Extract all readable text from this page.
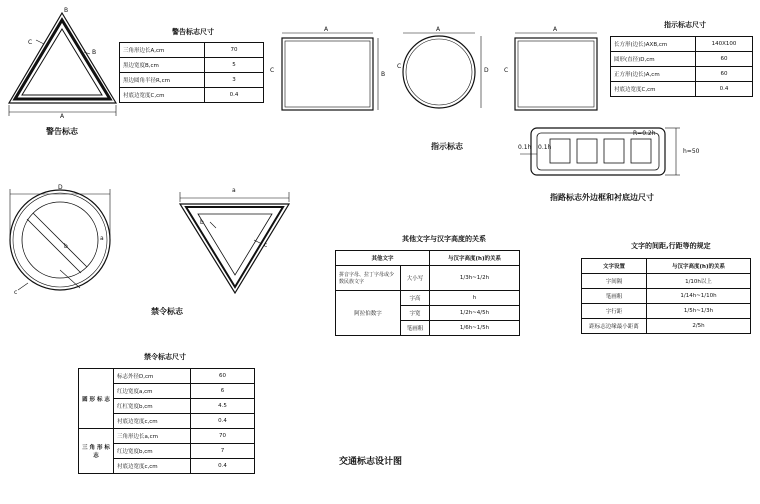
B
C
B
A
警告标志
警告标志尺寸
三角形边长A,cm	70
黑边宽度B,cm	5
黑边圆角半径R,cm	3
衬底边宽度C,cm	0.4
A
C
B
A
C
D
A
C
指示标志
指示标志尺寸
长方形(边长)AXB,cm	140X100
圆形(直径)D,cm	60
正方形(边长)A,cm	60
衬底边宽度C,cm	0.4
R=0.2h
0.1h 0.1h
h=50
指路标志外边框和衬底边尺寸
D
a
b
c
a
b
c
禁令标志
禁令标志尺寸
圆 形 标 志	标志外径D,cm	60
	红边宽度a,cm	6
	红杠宽度b,cm	4.5
	衬底边宽度c,cm	0.4
三 角 形 标 志	三角形边长a,cm	70
	红边宽度b,cm	7
	衬底边宽度c,cm	0.4
其他文字与汉字高度的关系
其他文字		与汉字高度(h)的关系
拼音字母、拉丁字母或少数民族文字	大小写	1/3h~1/2h
阿拉伯数字	字高	h
	字宽	1/2h~4/5h
	笔画粗	1/6h~1/5h
文字的间距,行距等的规定
文字设置	与汉字高度(h)的关系
字间隔	1/10h以上
笔画粗	1/14h~1/10h
字行距	1/5h~1/3h
距标志边缘最小距离	2/5h
交通标志设计图
